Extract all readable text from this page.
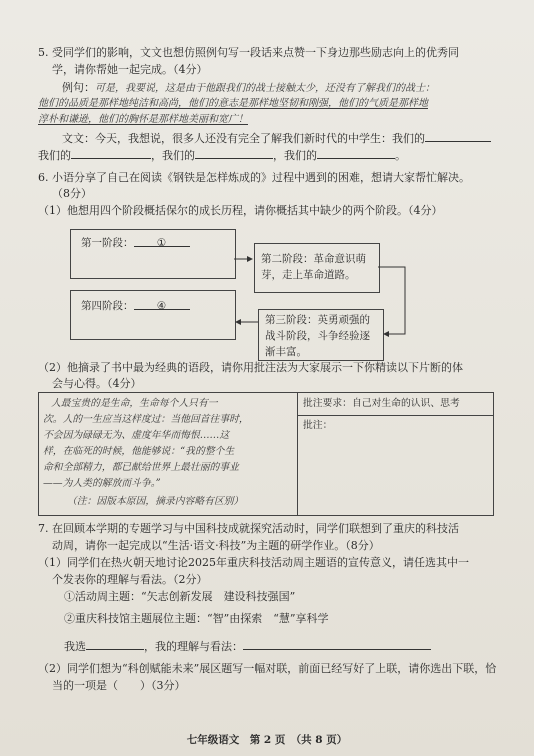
5. 受同学们的影响，文文也想仿照例句写一段话来点赞一下身边那些励志向上的优秀同
学，请你帮她一起完成。（4分）
例句：可是，我要说，这是由于他跟我们的战士接触太少，还没有了解我们的战士：
他们的品质是那样地纯洁和高尚，他们的意志是那样地坚韧和刚强，他们的气质是那样地
淳朴和谦逊，他们的胸怀是那样地美丽和宽广！
文文：今天，我想说，很多人还没有完全了解我们新时代的中学生：我们的
我们的	，我们的	，我们的	。
6. 小语分享了自己在阅读《钢铁是怎样炼成的》过程中遇到的困难，想请大家帮忙解决。
（8分）
（1）他想用四个阶段概括保尔的成长历程，请你概括其中缺少的两个阶段。（4分）
第一阶段： ①
第二阶段：革命意识萌
芽，走上革命道路。
第四阶段： ④
第三阶段：英勇顽强的
战斗阶段，斗争经验逐
渐丰富。
（2）他摘录了书中最为经典的语段，请你用批注法为大家展示一下你精读以下片断的体
会与心得。（4分）
人最宝贵的是生命，生命每个人只有一
次。人的一生应当这样度过：当他回首往事时，
不会因为碌碌无为、虚度年华而悔恨……这
样，在临死的时候，他能够说：“我的整个生
命和全部精力，都已献给世界上最壮丽的事业
——为人类的解放而斗争。”
（注：因版本原因，摘录内容略有区别）
批注要求：自己对生命的认识、思考
批注：
7. 在回顾本学期的专题学习与中国科技成就探究活动时，同学们联想到了重庆的科技活
动周，请你一起完成以“生活·语文·科技”为主题的研学作业。（8分）
（1）同学们在热火朝天地讨论2025年重庆科技活动周主题语的宣传意义，请任选其中一
个发表你的理解与看法。（2分）
①活动周主题：“矢志创新发展　建设科技强国”
②重庆科技馆主题展位主题：“智”由探索　“慧”享科学
我选	，我的理解与看法：
（2）同学们想为“科创赋能未来”展区题写一幅对联，前面已经写好了上联，请你选出下联，恰
当的一项是（　　）（3分）
七年级语文　第 2 页　（共 8 页）
